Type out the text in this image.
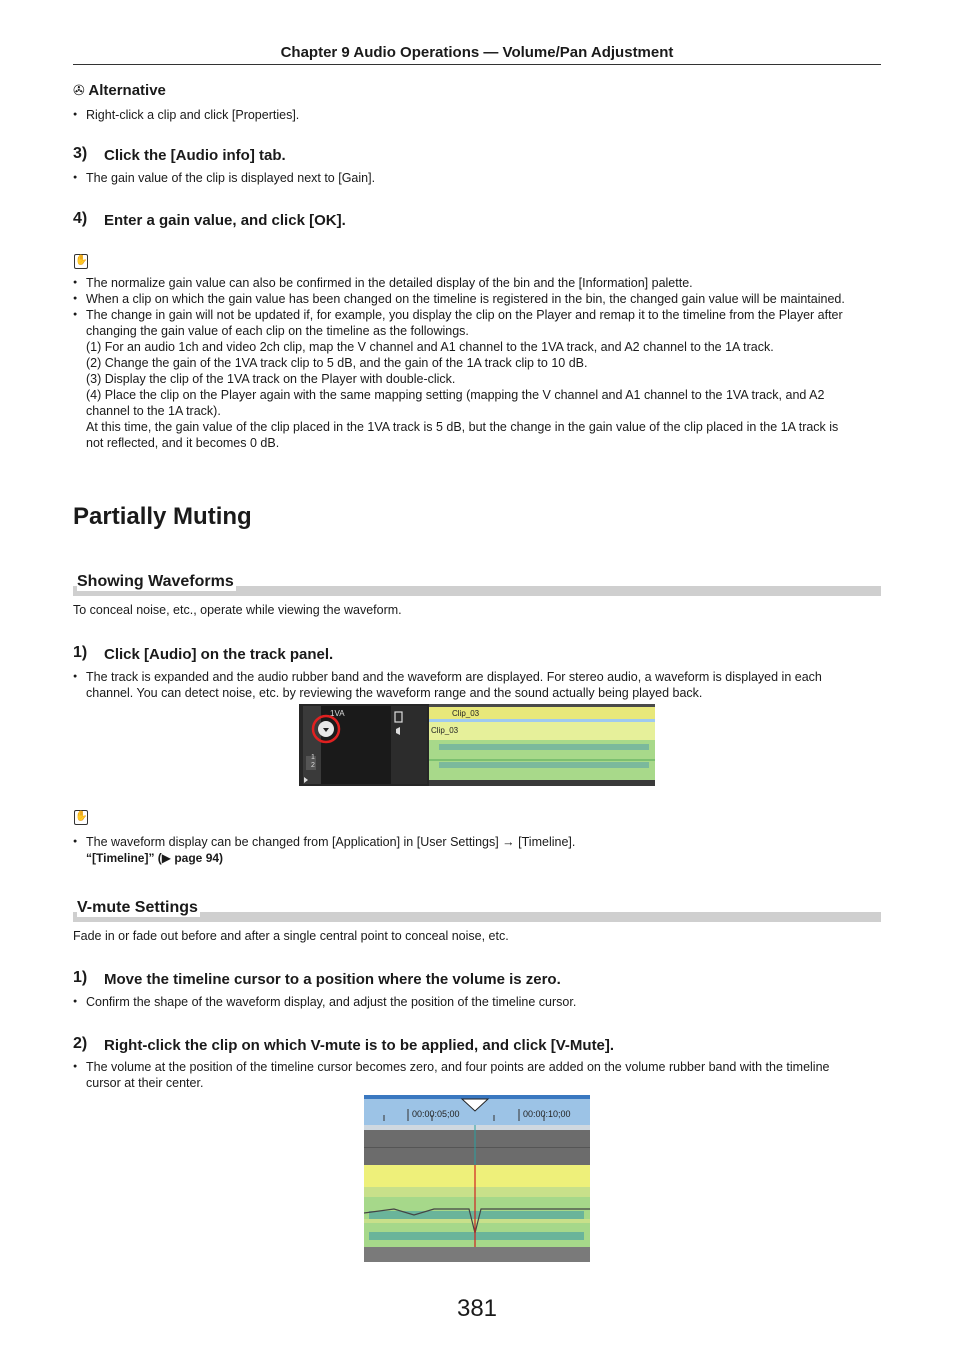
Chapter 9 Audio Operations — Volume/Pan Adjustment
✇ Alternative
● Right-click a clip and click [Properties].
3) Click the [Audio info] tab.
● The gain value of the clip is displayed next to [Gain].
4) Enter a gain value, and click [OK].
✋
● The normalize gain value can also be confirmed in the detailed display of the bin and the [Information] palette.
● When a clip on which the gain value has been changed on the timeline is registered in the bin, the changed gain value will be maintained.
● The change in gain will not be updated if, for example, you display the clip on the Player and remap it to the timeline from the Player after
changing the gain value of each clip on the timeline as the followings.
(1) For an audio 1ch and video 2ch clip, map the V channel and A1 channel to the 1VA track, and A2 channel to the 1A track.
(2) Change the gain of the 1VA track clip to 5 dB, and the gain of the 1A track clip to 10 dB.
(3) Display the clip of the 1VA track on the Player with double-click.
(4) Place the clip on the Player again with the same mapping setting (mapping the V channel and A1 channel to the 1VA track, and A2
channel to the 1A track).
At this time, the gain value of the clip placed in the 1VA track is 5 dB, but the change in the gain value of the clip placed in the 1A track is
not reflected, and it becomes 0 dB.
Partially Muting
Showing Waveforms
To conceal noise, etc., operate while viewing the waveform.
1) Click [Audio] on the track panel.
● The track is expanded and the audio rubber band and the waveform are displayed. For stereo audio, a waveform is displayed in each
channel. You can detect noise, etc. by reviewing the waveform range and the sound actually being played back.
1VA
1
2
Clip_03
Clip_03
✋
● The waveform display can be changed from [Application] in [User Settings] → [Timeline].
“[Timeline]” (▶ page 94)
V-mute Settings
Fade in or fade out before and after a single central point to conceal noise, etc.
1) Move the timeline cursor to a position where the volume is zero.
● Confirm the shape of the waveform display, and adjust the position of the timeline cursor.
2) Right-click the clip on which V-mute is to be applied, and click [V-Mute].
● The volume at the position of the timeline cursor becomes zero, and four points are added on the volume rubber band with the timeline
cursor at their center.
00:00:05;00	00:00:10;00
381
